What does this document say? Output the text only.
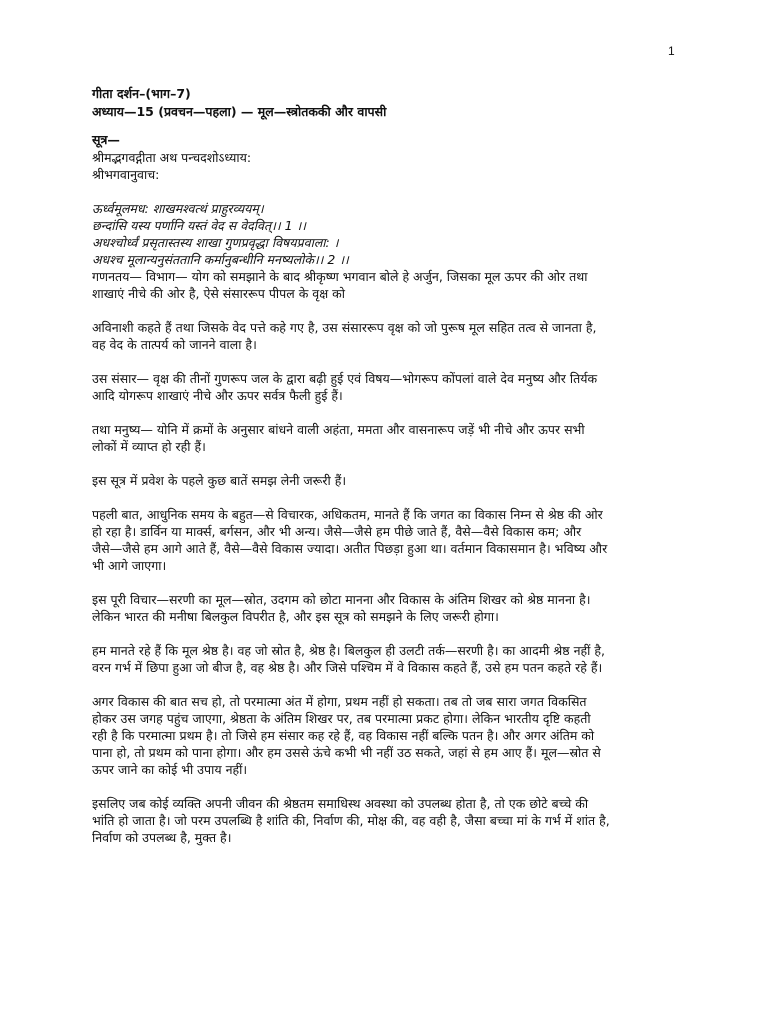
1
गीता दर्शन–(भाग–7)
अध्याय—15 (प्रवचन—पहला) — मूल—स्त्रोतककी और वापसी
सूत्र—
श्रीमद्भगवद्गीता अथ पन्चदशोऽध्याय:
श्रीभगवानुवाच:
ऊर्ध्वमूलमध: शाखमश्वत्थं प्राहुरव्ययम्।
छन्दांसि यस्य पर्णानि यस्तं वेद स वेदवित्।। 1 ।।
अधश्चोर्ध्वं प्रसृतास्तस्य शाखा गुणप्रवृद्धा विषयप्रवाला: ।
अधश्च मूलान्यनुसंततानि कर्मानुबन्धीनि मनष्यलोके।। 2 ।।

गणनतय— विभाग— योग को समझाने के बाद श्रीकृष्ण भगवान बोले हे अर्जुन, जिसका मूल ऊपर की ओर तथा
शाखाएं नीचे की ओर है, ऐसे संसाररूप पीपल के वृक्ष को

अविनाशी कहते हैं तथा जिसके वेद पत्ते कहे गए है, उस संसाररूप वृक्ष को जो पुरूष मूल सहित तत्व से जानता है,
वह वेद के तात्पर्य को जानने वाला है।

उस संसार— वृक्ष की तीनों गुणरूप जल के द्वारा बढ़ी हुई एवं विषय—भोगरूप कोंपलां वाले देव मनुष्य और तिर्यक
आदि योगरूप शाखाएं नीचे और ऊपर सर्वत्र फैली हुई हैं।

तथा मनुष्य— योनि में क्रमों के अनुसार बांधने वाली अहंता, ममता और वासनारूप जड़ें भी नीचे और ऊपर सभी
लोकों में व्याप्त हो रही हैं।

इस सूत्र में प्रवेश के पहले कुछ बातें समझ लेनी जरूरी हैं।

पहली बात, आधुनिक समय के बहुत—से विचारक, अधिकतम, मानते हैं कि जगत का विकास निम्न से श्रेष्ठ की ओर
हो रहा है। डार्विन या मार्क्स, बर्गसन, और भी अन्य। जैसे—जैसे हम पीछे जाते हैं, वैसे—वैसे विकास कम; और
जैसे—जैसे हम आगे आते हैं, वैसे—वैसे विकास ज्यादा। अतीत पिछड़ा हुआ था। वर्तमान विकासमान है। भविष्य और
भी आगे जाएगा।

इस पूरी विचार—सरणी का मूल—स्रोत, उदगम को छोटा मानना और विकास के अंतिम शिखर को श्रेष्ठ मानना है।
लेकिन भारत की मनीषा बिलकुल विपरीत है, और इस सूत्र को समझने के लिए जरूरी होगा।

हम मानते रहे हैं कि मूल श्रेष्ठ है। वह जो स्रोत है, श्रेष्ठ है। बिलकुल ही उलटी तर्क—सरणी है। का आदमी श्रेष्ठ नहीं है,
वरन गर्भ में छिपा हुआ जो बीज है, वह श्रेष्ठ है। और जिसे पश्चिम में वे विकास कहते हैं, उसे हम पतन कहते रहे हैं।

अगर विकास की बात सच हो, तो परमात्मा अंत में होगा, प्रथम नहीं हो सकता। तब तो जब सारा जगत विकसित
होकर उस जगह पहुंच जाएगा, श्रेष्ठता के अंतिम शिखर पर, तब परमात्मा प्रकट होगा। लेकिन भारतीय दृष्टि कहती
रही है कि परमात्मा प्रथम है। तो जिसे हम संसार कह रहे हैं, वह विकास नहीं बल्कि पतन है। और अगर अंतिम को
पाना हो, तो प्रथम को पाना होगा। और हम उससे ऊंचे कभी भी नहीं उठ सकते, जहां से हम आए हैं। मूल—स्रोत से
ऊपर जाने का कोई भी उपाय नहीं।

इसलिए जब कोई व्यक्ति अपनी जीवन की श्रेष्ठतम समाधिस्थ अवस्था को उपलब्ध होता है, तो एक छोटे बच्चे की
भांति हो जाता है। जो परम उपलब्धि है शांति की, निर्वाण की, मोक्ष की, वह वही है, जैसा बच्चा मां के गर्भ में शांत है,
निर्वाण को उपलब्ध है, मुक्त है।
